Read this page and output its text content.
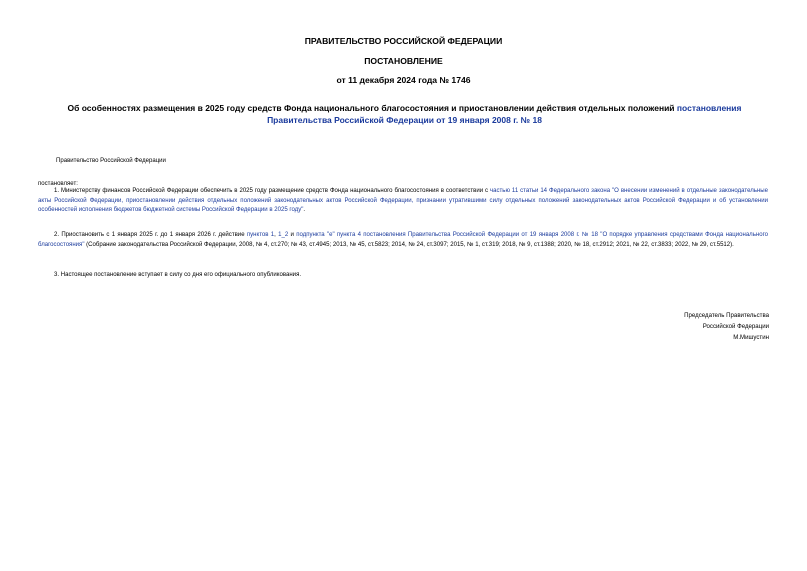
ПРАВИТЕЛЬСТВО РОССИЙСКОЙ ФЕДЕРАЦИИ
ПОСТАНОВЛЕНИЕ
от 11 декабря 2024 года № 1746
Об особенностях размещения в 2025 году средств Фонда национального благосостояния и приостановлении действия отдельных положений постановления Правительства Российской Федерации от 19 января 2008 г. № 18
Правительство Российской Федерации
постановляет:
1. Министерству финансов Российской Федерации обеспечить в 2025 году размещение средств Фонда национального благосостояния в соответствии с частью 11 статьи 14 Федерального закона "О внесении изменений в отдельные законодательные акты Российской Федерации, приостановлении действия отдельных положений законодательных актов Российской Федерации, признании утратившими силу отдельных положений законодательных актов Российской Федерации и об установлении особенностей исполнения бюджетов бюджетной системы Российской Федерации в 2025 году".
2. Приостановить с 1 января 2025 г. до 1 января 2026 г. действие пунктов 1, 1_2 и подпункта "е" пункта 4 постановления Правительства Российской Федерации от 19 января 2008 г. № 18 "О порядке управления средствами Фонда национального благосостояния" (Собрание законодательства Российской Федерации, 2008, № 4, ст.270; № 43, ст.4945; 2013, № 45, ст.5823; 2014, № 24, ст.3097; 2015, № 1, ст.319; 2018, № 9, ст.1388; 2020, № 18, ст.2912; 2021, № 22, ст.3833; 2022, № 29, ст.5512).
3. Настоящее постановление вступает в силу со дня его официального опубликования.
Председатель Правительства
Российской Федерации
М.Мишустин
